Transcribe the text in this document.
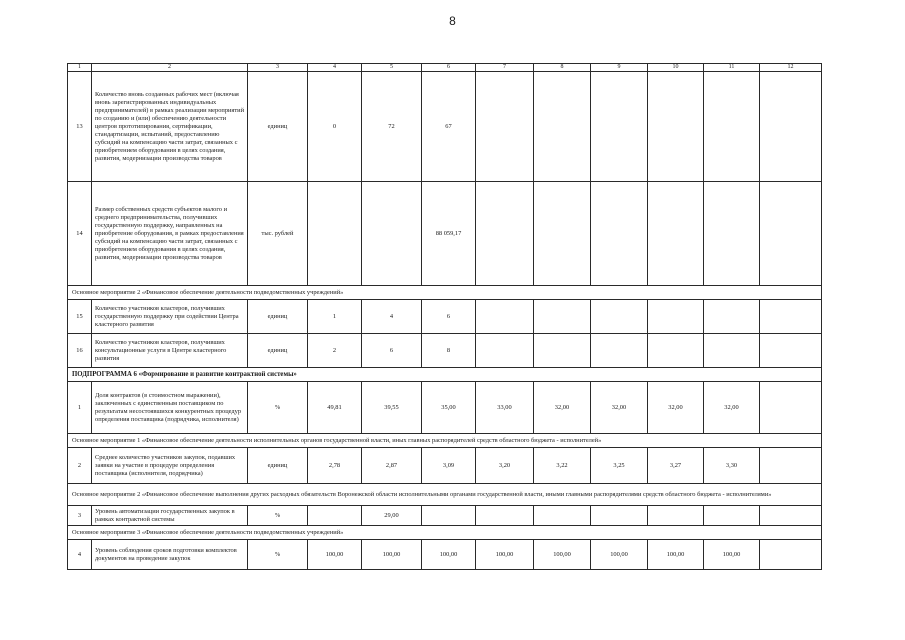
8
1	2	3	4	5	6	7	8	9	10	11	12
13	Количество вновь созданных рабочих мест (включая вновь зарегистрированных индивидуальных предпринимателей) в рамках реализации мероприятий по созданию и (или) обеспечению деятельности центров прототипирования, сертификации, стандартизации, испытаний, предоставлению субсидий на компенсацию части затрат, связанных с приобретением оборудования в целях создания, развития, модернизации производства товаров	единиц	0	72	67						
14	Размер собственных средств субъектов малого и среднего предпринимательства, получивших государственную поддержку, направленных на приобретение оборудования, в рамках предоставления субсидий на компенсацию части затрат, связанных с приобретением оборудования в целях создания, развития, модернизации производства товаров	тыс. рублей			88 059,17						
Основное мероприятие 2 «Финансовое обеспечение деятельности подведомственных учреждений»											
15	Количество участников кластеров, получивших государственную поддержку при содействии Центра кластерного развития	единиц	1	4	6						
16	Количество участников кластеров, получивших консультационные услуги в Центре кластерного развития	единиц	2	6	8						
ПОДПРОГРАММА 6 «Формирование и развитие контрактной системы»											
1	Доля контрактов (в стоимостном выражении), заключенных с единственным поставщиком по результатам несостоявшихся конкурентных процедур определения поставщика (подрядчика, исполнителя)	%	49,81	39,55	35,00	33,00	32,00	32,00	32,00	32,00	
Основное мероприятие 1 «Финансовое обеспечение деятельности исполнительных органов государственной власти, иных главных распорядителей средств областного бюджета - исполнителей»											
2	Среднее количество участников закупок, подавших заявки на участие в процедуре определения поставщика (исполнителя, подрядчика)	единиц	2,78	2,87	3,09	3,20	3,22	3,25	3,27	3,30	
Основное мероприятие 2 «Финансовое обеспечение выполнения других расходных обязательств Воронежской области исполнительными органами государственной власти, иными главными распорядителями средств областного бюджета - исполнителями»											
3	Уровень автоматизации государственных закупок в рамках контрактной системы	%		29,00							
Основное мероприятие 3 «Финансовое обеспечение деятельности подведомственных учреждений»											
4	Уровень соблюдения сроков подготовки комплектов документов на проведение закупок	%	100,00	100,00	100,00	100,00	100,00	100,00	100,00	100,00	
